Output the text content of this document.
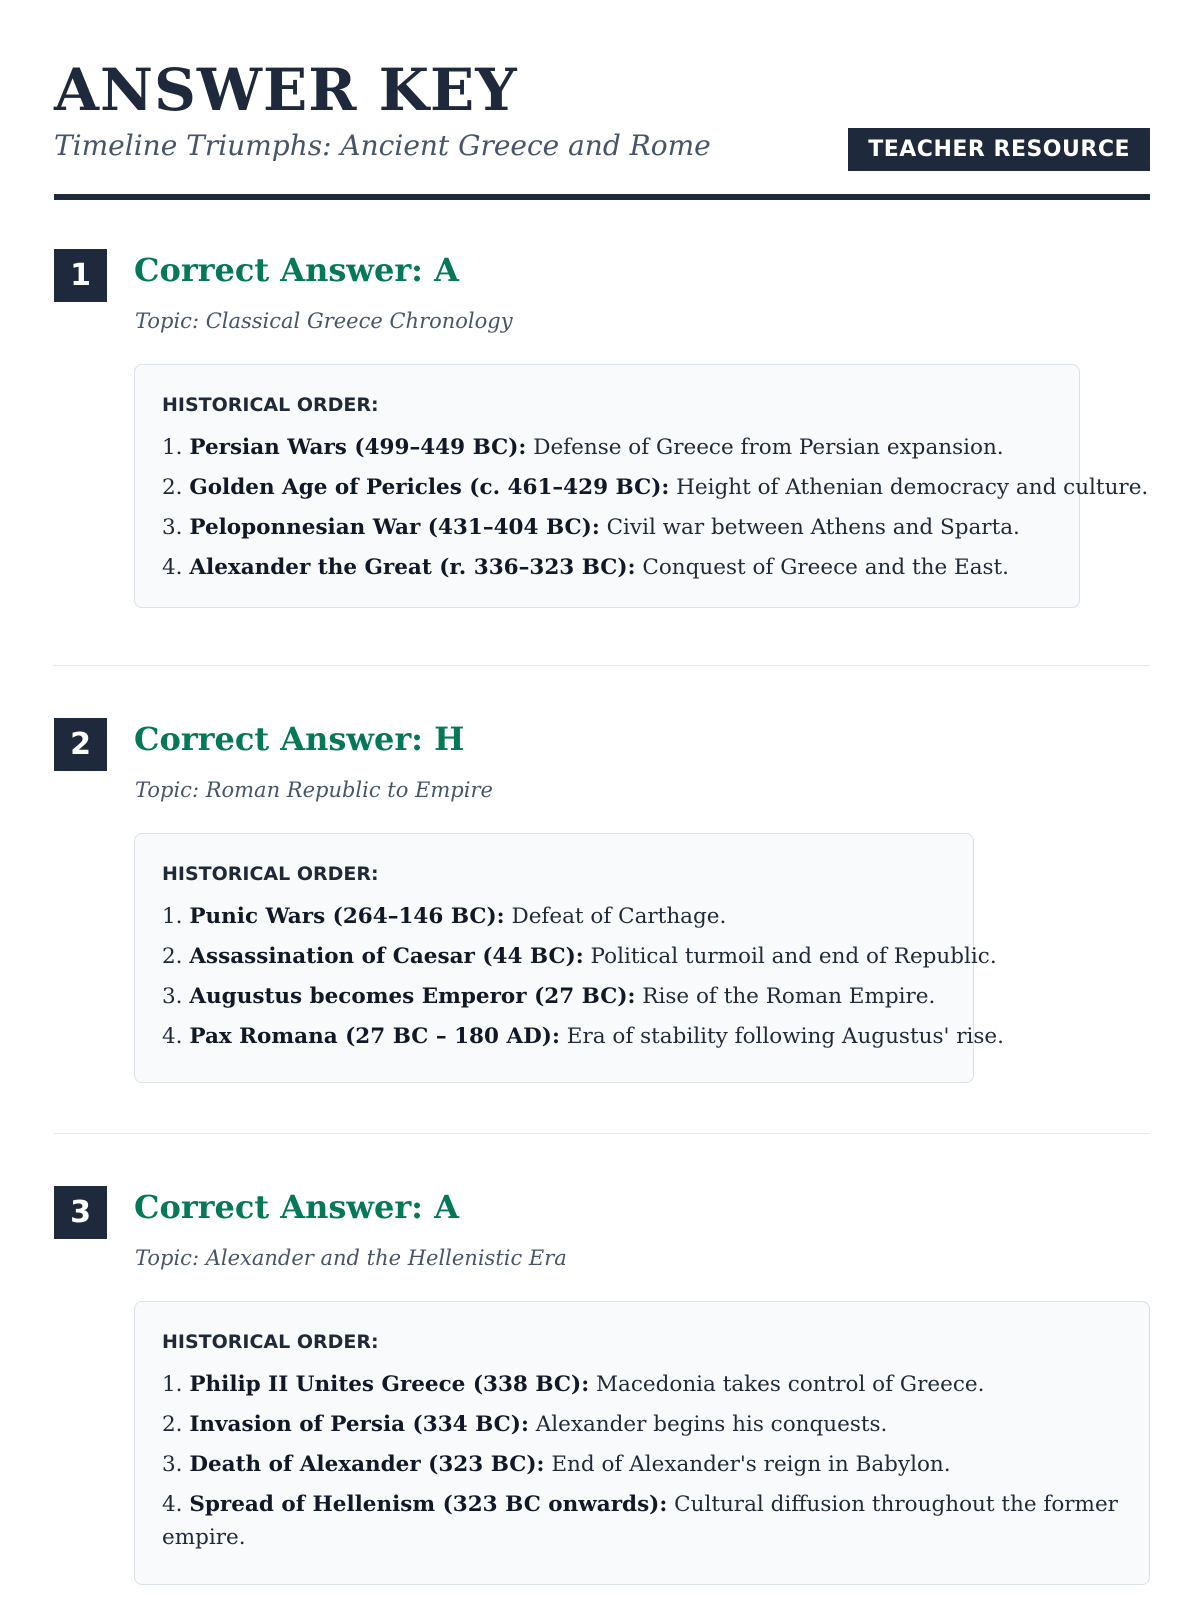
ANSWER KEY
Timeline Triumphs: Ancient Greece and Rome	TEACHER RESOURCE
1	Correct Answer: A
Topic: Classical Greece Chronology
HISTORICAL ORDER:
1. Persian Wars (499–449 BC): Defense of Greece from Persian expansion.
2. Golden Age of Pericles (c. 461–429 BC): Height of Athenian democracy and culture.
3. Peloponnesian War (431–404 BC): Civil war between Athens and Sparta.
4. Alexander the Great (r. 336–323 BC): Conquest of Greece and the East.
2	Correct Answer: H
Topic: Roman Republic to Empire
HISTORICAL ORDER:
1. Punic Wars (264–146 BC): Defeat of Carthage.
2. Assassination of Caesar (44 BC): Political turmoil and end of Republic.
3. Augustus becomes Emperor (27 BC): Rise of the Roman Empire.
4. Pax Romana (27 BC – 180 AD): Era of stability following Augustus' rise.
3	Correct Answer: A
Topic: Alexander and the Hellenistic Era
HISTORICAL ORDER:
1. Philip II Unites Greece (338 BC): Macedonia takes control of Greece.
2. Invasion of Persia (334 BC): Alexander begins his conquests.
3. Death of Alexander (323 BC): End of Alexander's reign in Babylon.
4. Spread of Hellenism (323 BC onwards): Cultural diffusion throughout the former empire.
